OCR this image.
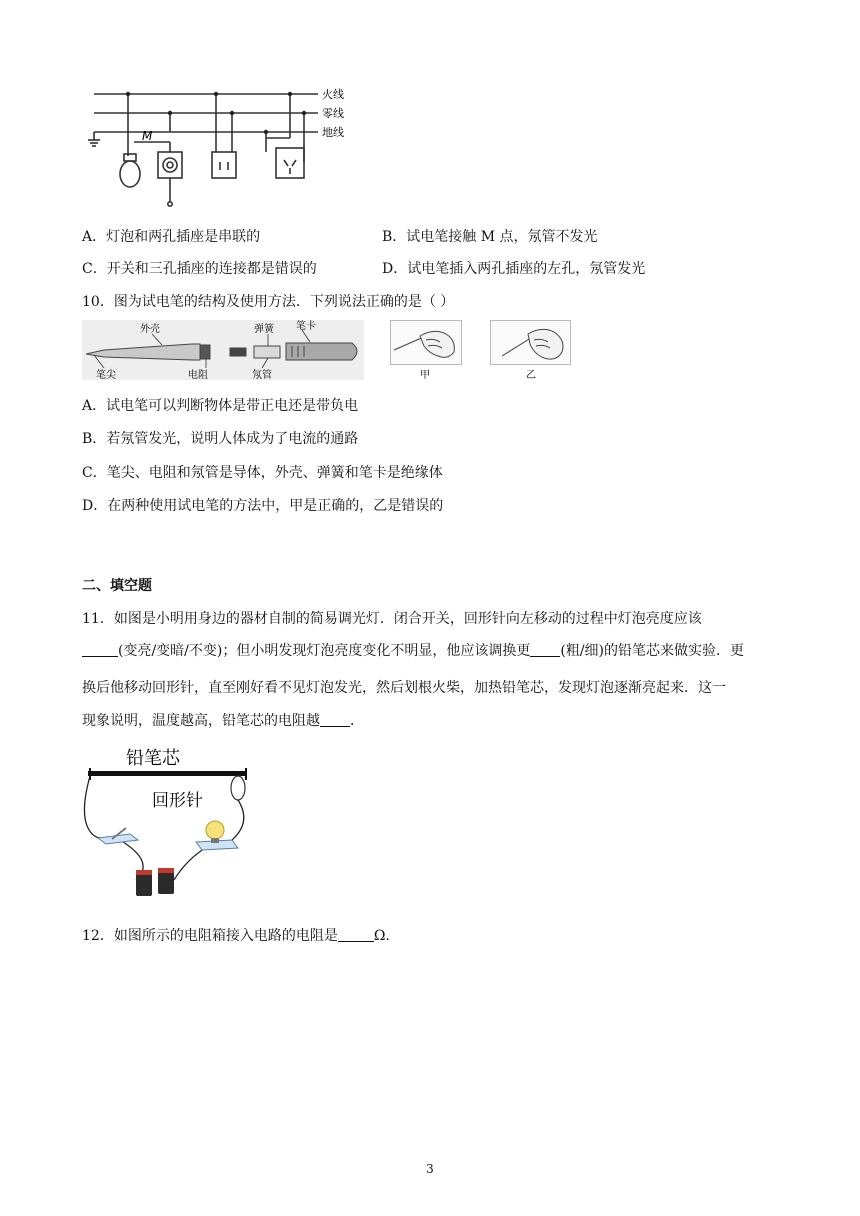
火线
零线
地线
M
A．灯泡和两孔插座是串联的	B．试电笔接触 M 点，氖管不发光
C．开关和三孔插座的连接都是错误的	D．试电笔插入两孔插座的左孔，氖管发光
10．图为试电笔的结构及使用方法．下列说法正确的是（ ）
外壳	弹簧 笔卡
笔尖	电阻	氖管	甲	乙
A．试电笔可以判断物体是带正电还是带负电
B．若氖管发光，说明人体成为了电流的通路
C．笔尖、电阻和氖管是导体，外壳、弹簧和笔卡是绝缘体
D．在两种使用试电笔的方法中，甲是正确的，乙是错误的
二、填空题
11．如图是小明用身边的器材自制的简易调光灯．闭合开关，回形针向左移动的过程中灯泡亮度应该
(变亮/变暗/不变)；但小明发现灯泡亮度变化不明显，他应该调换更 (粗/细)的铅笔芯来做实验．更
换后他移动回形针，直至刚好看不见灯泡发光，然后划根火柴，加热铅笔芯，发现灯泡逐渐亮起来．这一
现象说明，温度越高，铅笔芯的电阻越 ．
铅笔芯
回形针
12．如图所示的电阻箱接入电路的电阻是	Ω.
3
